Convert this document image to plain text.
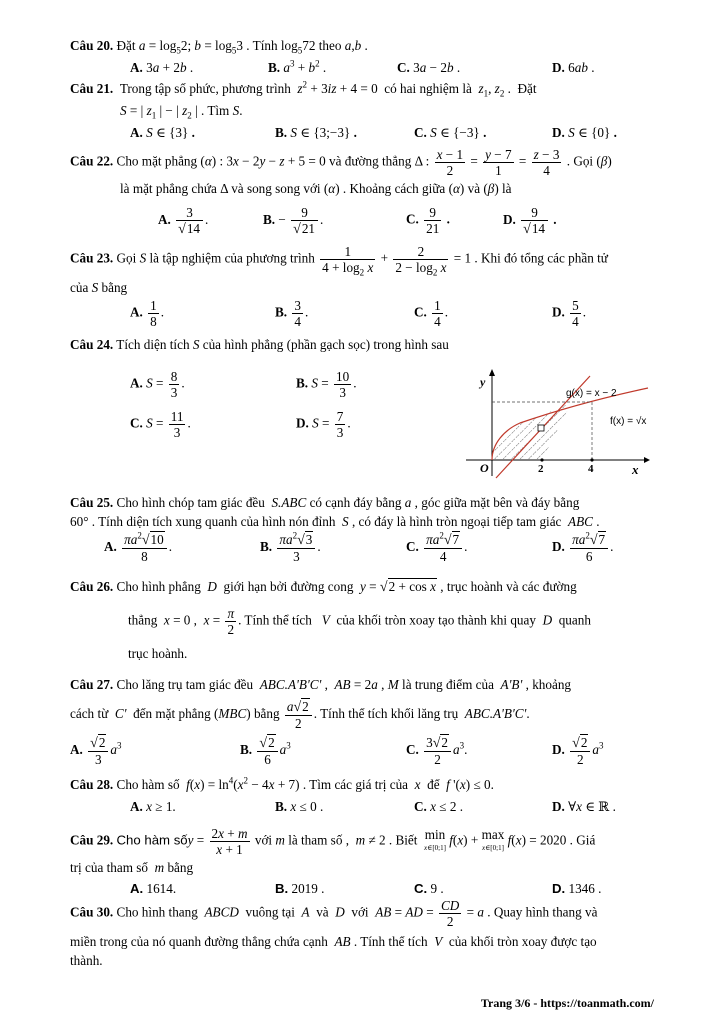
Câu 20. Đặt $a = \log_52$; $b = \log_53$ . Tính $\log_572$ theo a,b .
A. 3a + 2b .	B. $a^3 + b^2$ .	C. 3a − 2b .	D. 6ab .
Câu 21.  Trong tập số phức, phương trình  $z^2 + 3iz + 4 = 0$  có hai nghiệm là  $z_1$, $z_2$ .  Đặt
S = | $z_1$ | − | $z_2$ | . Tìm S.
A. S ∈ {3} .	B. S ∈ {3;−3} .	C. S ∈ {−3} .	D. S ∈ {0} .
Câu 22. Cho mặt phẳng (α) : 3x − 2y − z + 5 = 0 và đường thẳng Δ : $\frac{x - 1}{2} = \frac{y - 7}{1} = \frac{z - 3}{4}$ . Gọi (β)
là mặt phẳng chứa Δ và song song với (α) . Khoảng cách giữa (α) và (β) là
A. $\frac{3}{√14}$ .	B. − $\frac{9}{√21}$ .	C. $\frac{9}{21}$ .	D. $\frac{9}{√14}$ .
Câu 23. Gọi S là tập nghiệm của phương trình $\frac{1}{4 + \log_2 x} + \frac{2}{2 - \log_2 x} = 1$ . Khi đó tổng các phần tử
của S bằng
A. $\frac{1}{8}$ .	B. $\frac{3}{4}$ .	C. $\frac{1}{4}$ .	D. $\frac{5}{4}$ .
Câu 24. Tích diện tích S của hình phẳng (phần gạch sọc) trong hình sau
A. $S = \frac{8}{3}$ .	B. $S = \frac{10}{3}$ .
C. $S = \frac{11}{3}$ .	D. $S = \frac{7}{3}$ .
y
O	2	4	x
g(x) = x − 2
f(x) = √x
Câu 25. Cho hình chóp tam giác đều  S.ABC có cạnh đáy bằng a , góc giữa mặt bên và đáy bằng
60° . Tính diện tích xung quanh của hình nón đỉnh  S , có đáy là hình tròn ngoại tiếp tam giác  ABC .
A. $\frac{\pi a^2√10}{8}$ .	B. $\frac{\pi a^2√3}{3}$ .	C. $\frac{\pi a^2√7}{4}$ .	D. $\frac{\pi a^2√7}{6}$ .
Câu 26. Cho hình phẳng  D  giới hạn bởi đường cong  y = √2 + cos x , trục hoành và các đường
thẳng  x = 0 ,  $x = \frac{\pi}{2}$ . Tính thể tích   V  của khối tròn xoay tạo thành khi quay  D  quanh
trục hoành.
Câu 27. Cho lăng trụ tam giác đều  ABC.A'B'C' ,  AB = 2a , M là trung điểm của  A'B' , khoảng
cách từ  C'  đến mặt phẳng (MBC) bằng $\frac{a√2}{2}$ . Tính thể tích khối lăng trụ  ABC.A'B'C'.
A. $\frac{√2}{3} a^3$	B. $\frac{√2}{6} a^3$	C. $\frac{3√2}{2} a^3$.	D. $\frac{√2}{2} a^3$
Câu 28. Cho hàm số  $f(x) = \ln^4(x^2 - 4x + 7)$ . Tìm các giá trị của  x  để  f '(x) ≤ 0.
A. x ≥ 1.	B. x ≤ 0 .	C. x ≤ 2 .	D. ∀x ∈ ℝ .
Câu 29. Cho hàm sốy = $\frac{2x + m}{x + 1}$ với m là tham số ,  m ≠ 2 . Biết  min
x∈[0;1] f(x) + max
x∈[0;1] f(x) = 2020 . Giá
trị của tham số  m bằng
A. 1614.	B. 2019 .	C. 9 .	D. 1346 .
Câu 30. Cho hình thang  ABCD  vuông tại  A  và  D  với  AB = AD = $\frac{CD}{2} = a$ . Quay hình thang và
miền trong của nó quanh đường thẳng chứa cạnh  AB . Tính thể tích  V  của khối tròn xoay được tạo
thành.
Trang 3/6 - https://toanmath.com/
